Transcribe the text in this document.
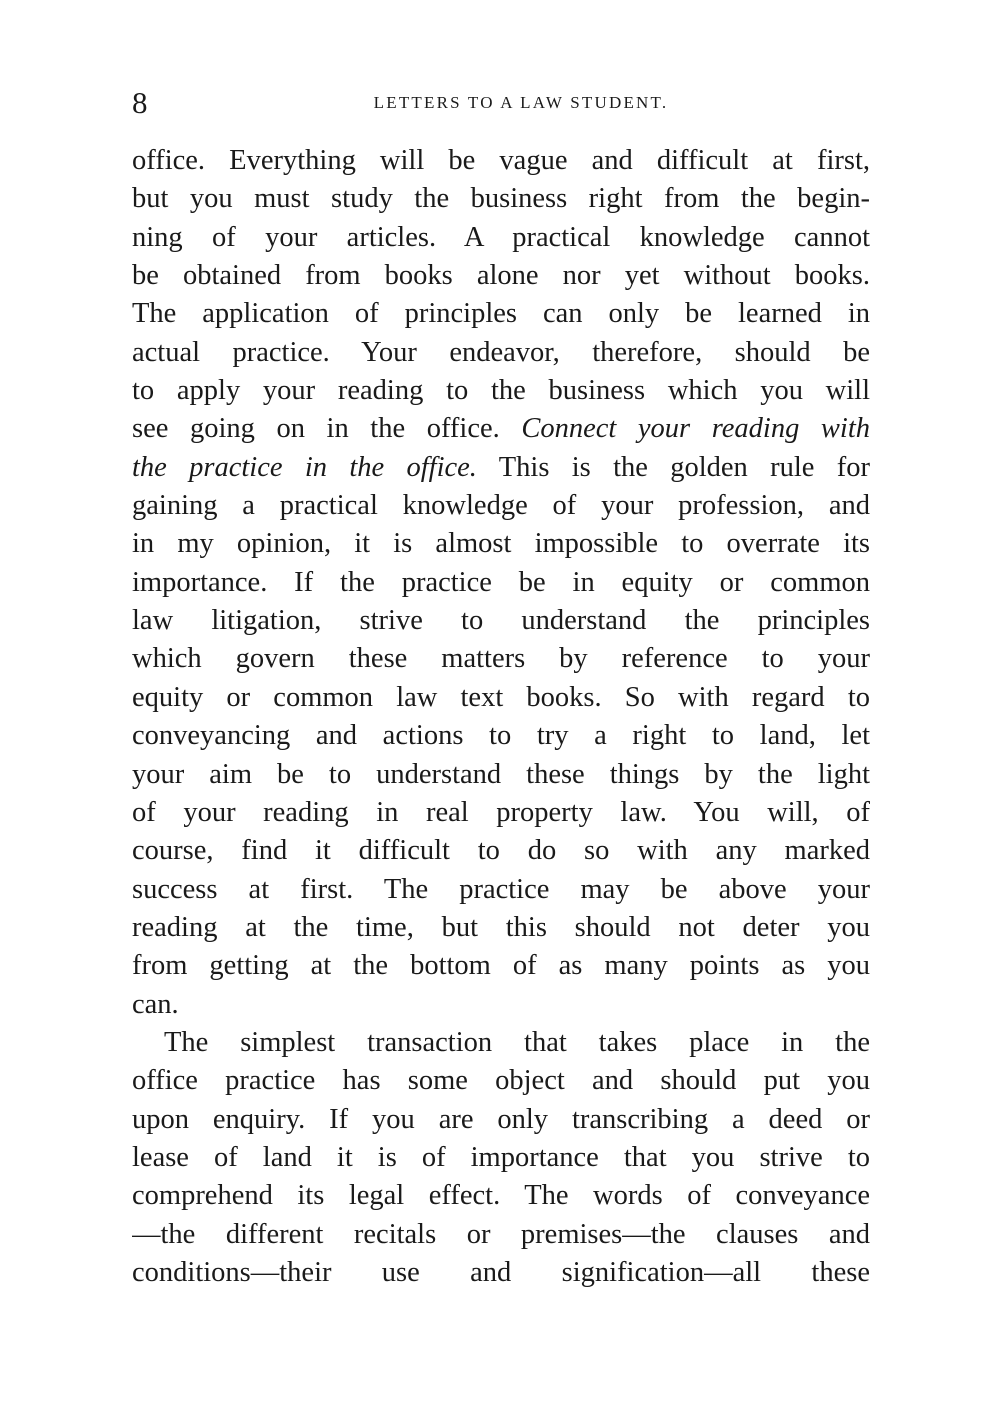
8	LETTERS TO A LAW STUDENT.
office. Everything will be vague and difficult at first,
but you must study the business right from the begin-
ning of your articles. A practical knowledge cannot
be obtained from books alone nor yet without books.
The application of principles can only be learned in
actual practice. Your endeavor, therefore, should be
to apply your reading to the business which you will
see going on in the office. Connect your reading with
the practice in the office. This is the golden rule for
gaining a practical knowledge of your profession, and
in my opinion, it is almost impossible to overrate its
importance. If the practice be in equity or common
law litigation, strive to understand the principles
which govern these matters by reference to your
equity or common law text books. So with regard to
conveyancing and actions to try a right to land, let
your aim be to understand these things by the light
of your reading in real property law. You will, of
course, find it difficult to do so with any marked
success at first. The practice may be above your
reading at the time, but this should not deter you
from getting at the bottom of as many points as you
can.
The simplest transaction that takes place in the
office practice has some object and should put you
upon enquiry. If you are only transcribing a deed or
lease of land it is of importance that you strive to
comprehend its legal effect. The words of conveyance
—the different recitals or premises—the clauses and
conditions—their use and signification—all these
